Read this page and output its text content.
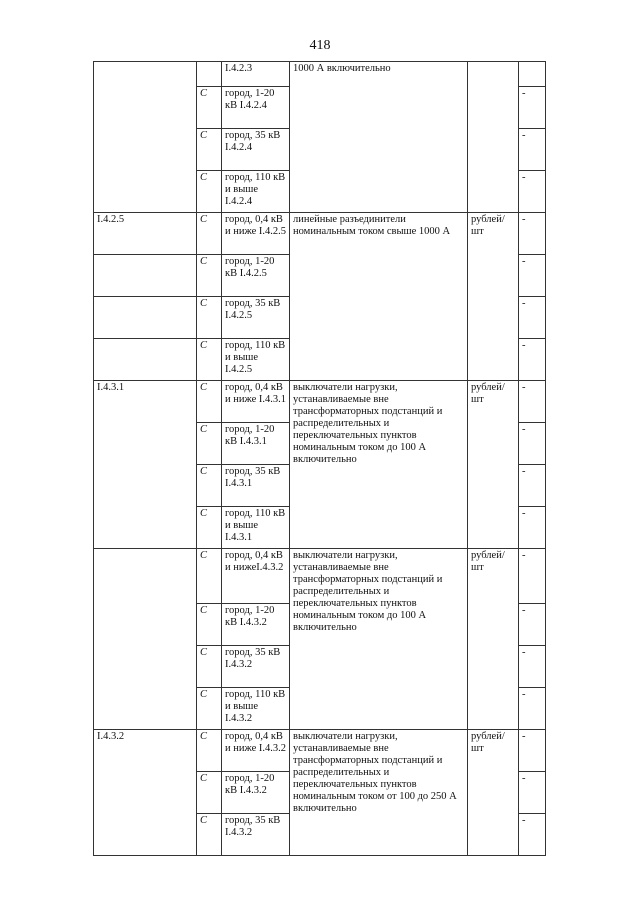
418
		I.4.2.3	1000 А включительно		
	C	город, 1-20 кВ I.4.2.4			-
	C	город, 35 кВ I.4.2.4			-
	C	город, 110 кВ и выше I.4.2.4			-
I.4.2.5	C	город, 0,4 кВ и ниже I.4.2.5	линейные разъединители номинальным током свыше 1000 А	рублей/шт	-
	C	город, 1-20 кВ I.4.2.5			-
	C	город, 35 кВ I.4.2.5			-
	C	город, 110 кВ и выше I.4.2.5			-
I.4.3.1	C	город, 0,4 кВ и ниже I.4.3.1	выключатели нагрузки, устанавливаемые вне трансформаторных подстанций и распределительных и переключательных пунктов номинальным током до 100 А включительно	рублей/шт	-
	C	город, 1-20 кВ I.4.3.1			-
	C	город, 35 кВ I.4.3.1			-
	C	город, 110 кВ и выше I.4.3.1			-
	C	город, 0,4 кВ и нижеI.4.3.2	выключатели нагрузки, устанавливаемые вне трансформаторных подстанций и распределительных и переключательных пунктов номинальным током до 100 А включительно	рублей/шт	-
	C	город, 1-20 кВ I.4.3.2			-
	C	город, 35 кВ I.4.3.2			-
	C	город, 110 кВ и выше I.4.3.2			-
I.4.3.2	C	город, 0,4 кВ и ниже I.4.3.2	выключатели нагрузки, устанавливаемые вне трансформаторных подстанций и распределительных и переключательных пунктов номинальным током от 100 до 250 А включительно	рублей/шт	-
	C	город, 1-20 кВ I.4.3.2			-
	C	город, 35 кВ I.4.3.2			-
